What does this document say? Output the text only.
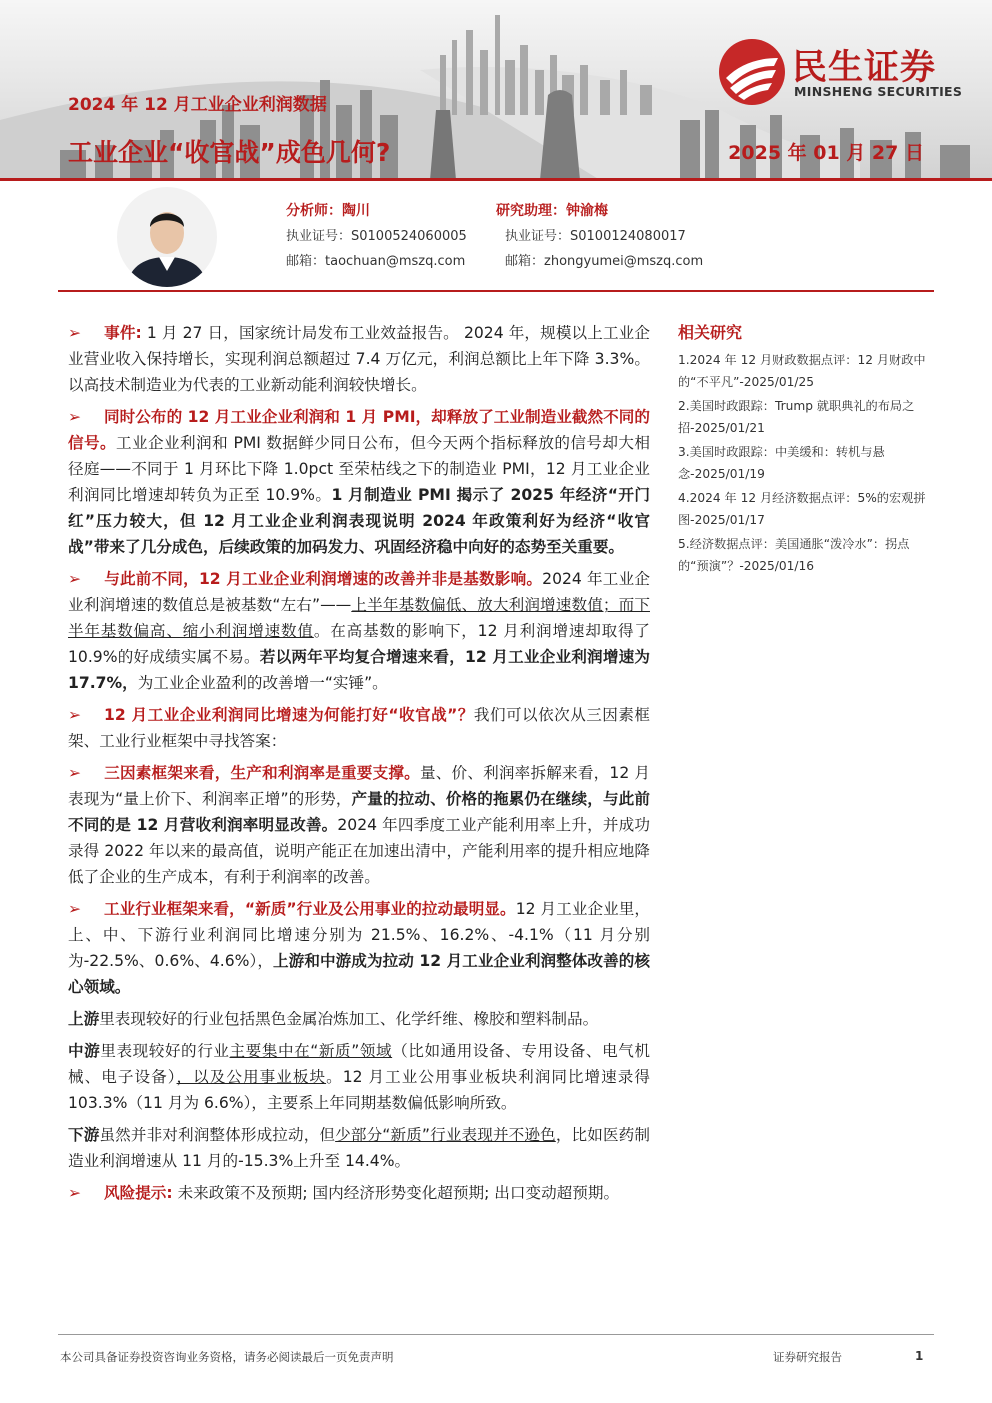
2024 年 12 月工业企业利润数据
工业企业“收官战”成色几何?	2025 年 01 月 27 日
民生证券
MINSHENG SECURITIES
分析师：陶川
执业证号：S0100524060005
邮箱：taochuan@mszq.com
研究助理：钟渝梅
执业证号：S0100124080017
邮箱：zhongyumei@mszq.com

➢ 事件: 1 月 27 日，国家统计局发布工业效益报告。 2024 年，规模以上工业企业营业收入保持增长，实现利润总额超过 7.4 万亿元，利润总额比上年下降 3.3%。以高技术制造业为代表的工业新动能利润较快增长。

➢ 同时公布的 12 月工业企业利润和 1 月 PMI，却释放了工业制造业截然不同的信号。工业企业利润和 PMI 数据鲜少同日公布，但今天两个指标释放的信号却大相径庭——不同于 1 月环比下降 1.0pct 至荣枯线之下的制造业 PMI，12 月工业企业利润同比增速却转负为正至 10.9%。1 月制造业 PMI 揭示了 2025 年经济“开门红”压力较大，但 12 月工业企业利润表现说明 2024 年政策利好为经济“收官战”带来了几分成色，后续政策的加码发力、巩固经济稳中向好的态势至关重要。

➢ 与此前不同，12 月工业企业利润增速的改善并非是基数影响。2024 年工业企业利润增速的数值总是被基数“左右”——上半年基数偏低、放大利润增速数值；而下半年基数偏高、缩小利润增速数值。在高基数的影响下，12 月利润增速却取得了 10.9%的好成绩实属不易。若以两年平均复合增速来看，12 月工业企业利润增速为 17.7%，为工业企业盈利的改善增一“实锤”。

➢ 12 月工业企业利润同比增速为何能打好“收官战”？我们可以依次从三因素框架、工业行业框架中寻找答案：

➢ 三因素框架来看，生产和利润率是重要支撑。量、价、利润率拆解来看，12 月表现为“量上价下、利润率正增”的形势，产量的拉动、价格的拖累仍在继续，与此前不同的是 12 月营收利润率明显改善。2024 年四季度工业产能利用率上升，并成功录得 2022 年以来的最高值，说明产能正在加速出清中，产能利用率的提升相应地降低了企业的生产成本，有利于利润率的改善。

➢ 工业行业框架来看，“新质”行业及公用事业的拉动最明显。12 月工业企业里，上、中、下游行业利润同比增速分别为 21.5%、16.2%、-4.1%（11 月分别为-22.5%、0.6%、4.6%），上游和中游成为拉动 12 月工业企业利润整体改善的核心领域。

上游里表现较好的行业包括黑色金属冶炼加工、化学纤维、橡胶和塑料制品。

中游里表现较好的行业主要集中在“新质”领域（比如通用设备、专用设备、电气机械、电子设备），以及公用事业板块。12 月工业公用事业板块利润同比增速录得 103.3%（11 月为 6.6%），主要系上年同期基数偏低影响所致。

下游虽然并非对利润整体形成拉动，但少部分“新质”行业表现并不逊色，比如医药制造业利润增速从 11 月的-15.3%上升至 14.4%。

➢ 风险提示: 未来政策不及预期; 国内经济形势变化超预期; 出口变动超预期。

相关研究
1.2024 年 12 月财政数据点评：12 月财政中的“不平凡”-2025/01/25
2.美国时政跟踪：Trump 就职典礼的布局之招-2025/01/21
3.美国时政跟踪：中美缓和：转机与悬念-2025/01/19
4.2024 年 12 月经济数据点评：5%的宏观拼图-2025/01/17
5.经济数据点评：美国通胀“泼冷水”：拐点的“预演”？-2025/01/16
本公司具备证券投资咨询业务资格，请务必阅读最后一页免责声明	证券研究报告	1
